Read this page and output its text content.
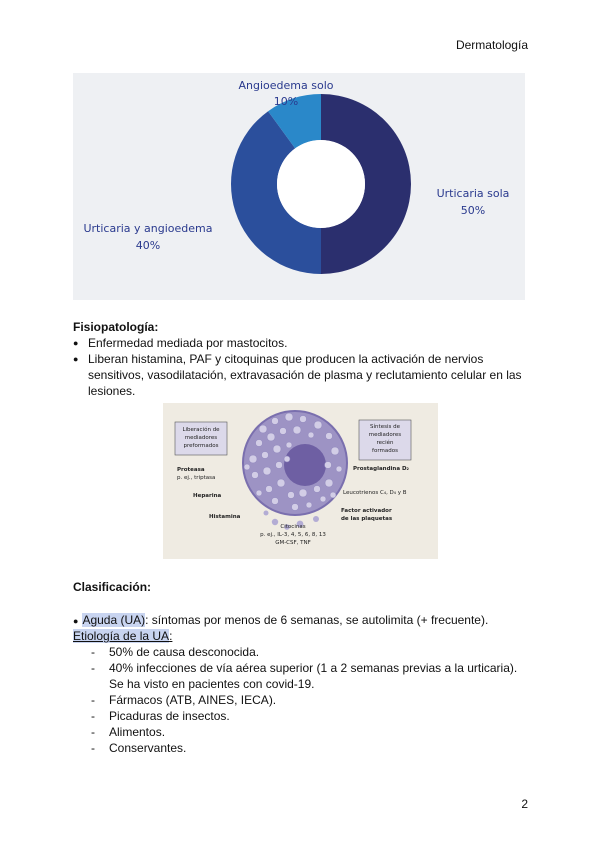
Dermatología
Angioedema solo
10%
Urticaria sola
50%
Urticaria y angioedema
40%
Fisiopatología:
● Enfermedad mediada por mastocitos.
● Liberan histamina, PAF y citoquinas que producen la activación de nervios sensitivos, vasodilatación, extravasación de plasma y reclutamiento celular en las lesiones.
Liberación de
mediadores
preformados
Síntesis de
mediadores
recién
formados
Proteasa
p. ej., triptasa
Heparina
Histamina
Prostaglandina D₂
Leucotrienos C₄, D₄ y B
Factor activador
de las plaquetas
Citocinas
p. ej., IL-3, 4, 5, 6, 8, 13
GM-CSF, TNF
Clasificación:
● Aguda (UA): síntomas por menos de 6 semanas, se autolimita (+ frecuente).
Etiología de la UA:
- 50% de causa desconocida.
- 40% infecciones de vía aérea superior (1 a 2 semanas previas a la urticaria). Se ha visto en pacientes con covid-19.
- Fármacos (ATB, AINES, IECA).
- Picaduras de insectos.
- Alimentos.
- Conservantes.
2
